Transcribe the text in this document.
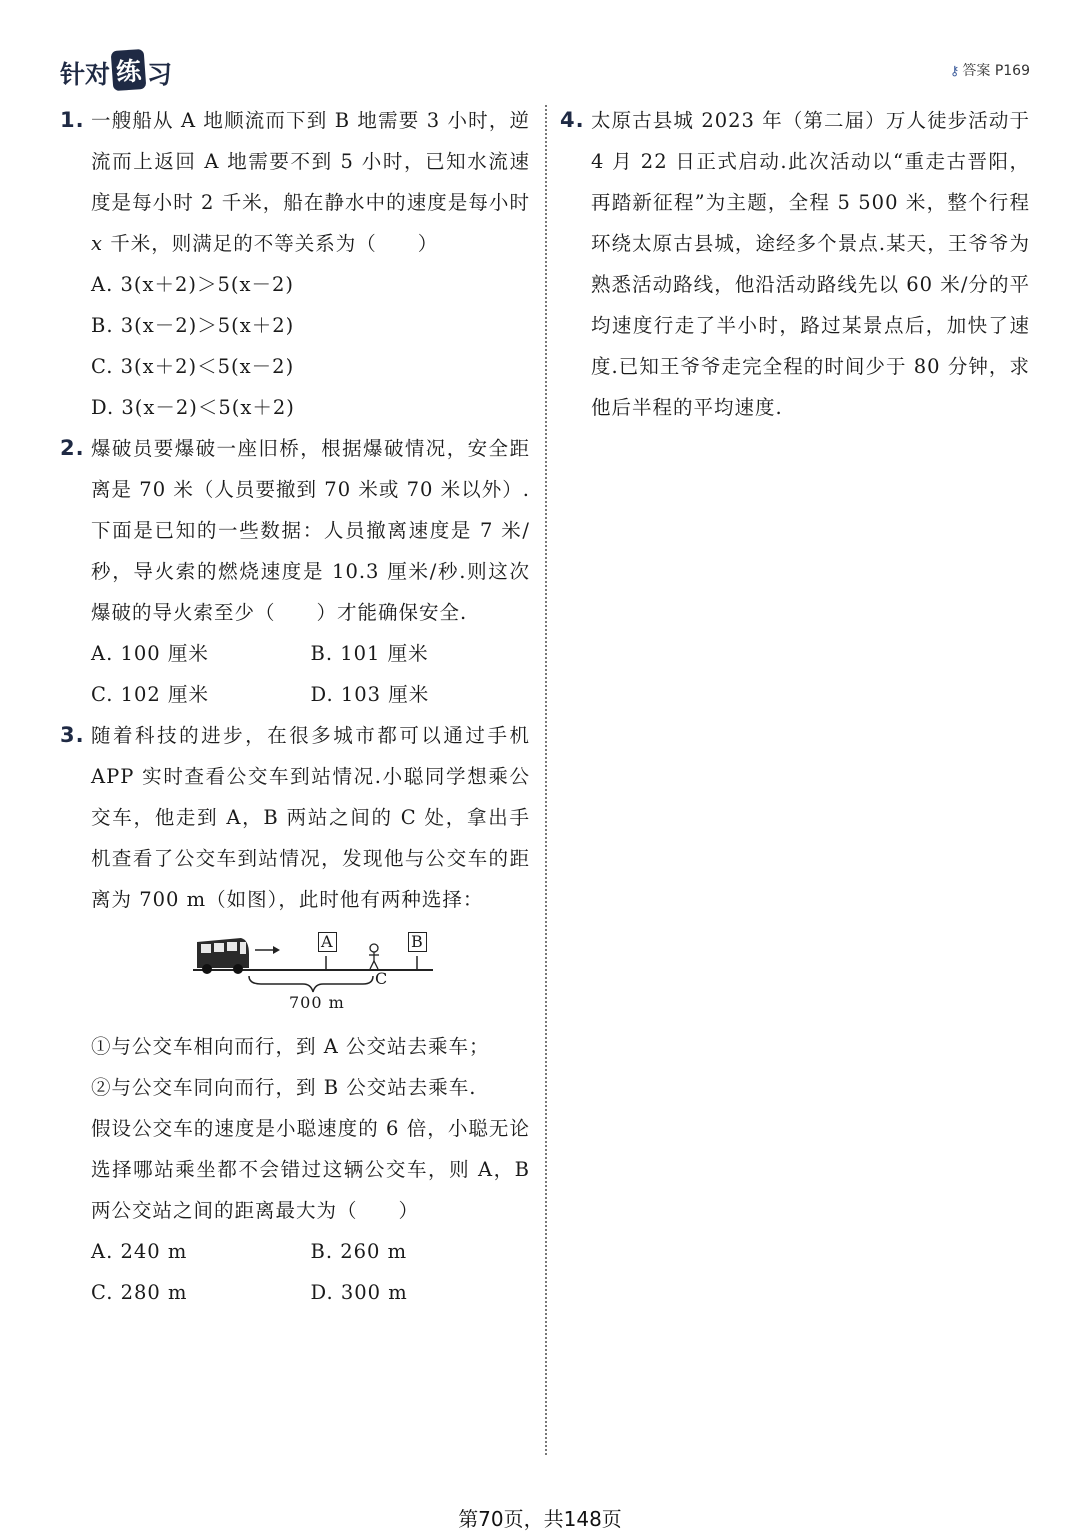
针对 练 习	⚷ 答案 P169
1. 一艘船从 A 地顺流而下到 B 地需要 3 小时，逆流而上返回 A 地需要不到 5 小时，已知水流速度是每小时 2 千米，船在静水中的速度是每小时 x 千米，则满足的不等关系为（　　）

A. 3(x＋2)＞5(x－2)

B. 3(x－2)＞5(x＋2)

C. 3(x＋2)＜5(x－2)

D. 3(x－2)＜5(x＋2)

2. 爆破员要爆破一座旧桥，根据爆破情况，安全距离是 70 米（人员要撤到 70 米或 70 米以外）.下面是已知的一些数据：人员撤离速度是 7 米/秒，导火索的燃烧速度是 10.3 厘米/秒.则这次爆破的导火索至少（　　）才能确保安全.

A. 100 厘米	B. 101 厘米

C. 102 厘米	D. 103 厘米

3. 随着科技的进步，在很多城市都可以通过手机 APP 实时查看公交车到站情况.小聪同学想乘公交车，他走到 A，B 两站之间的 C 处，拿出手机查看了公交车到站情况，发现他与公交车的距离为 700 m（如图），此时他有两种选择：

A	B
C
700 m

①与公交车相向而行，到 A 公交站去乘车；

②与公交车同向而行，到 B 公交站去乘车.

假设公交车的速度是小聪速度的 6 倍，小聪无论选择哪站乘坐都不会错过这辆公交车，则 A，B 两公交站之间的距离最大为（　　）

A. 240 m	B. 260 m

C. 280 m	D. 300 m

4. 太原古县城 2023 年（第二届）万人徒步活动于 4 月 22 日正式启动.此次活动以“重走古晋阳，再踏新征程”为主题，全程 5 500 米，整个行程环绕太原古县城，途经多个景点.某天，王爷爷为熟悉活动路线，他沿活动路线先以 60 米/分的平均速度行走了半小时，路过某景点后，加快了速度.已知王爷爷走完全程的时间少于 80 分钟，求他后半程的平均速度.

第70页，共148页
